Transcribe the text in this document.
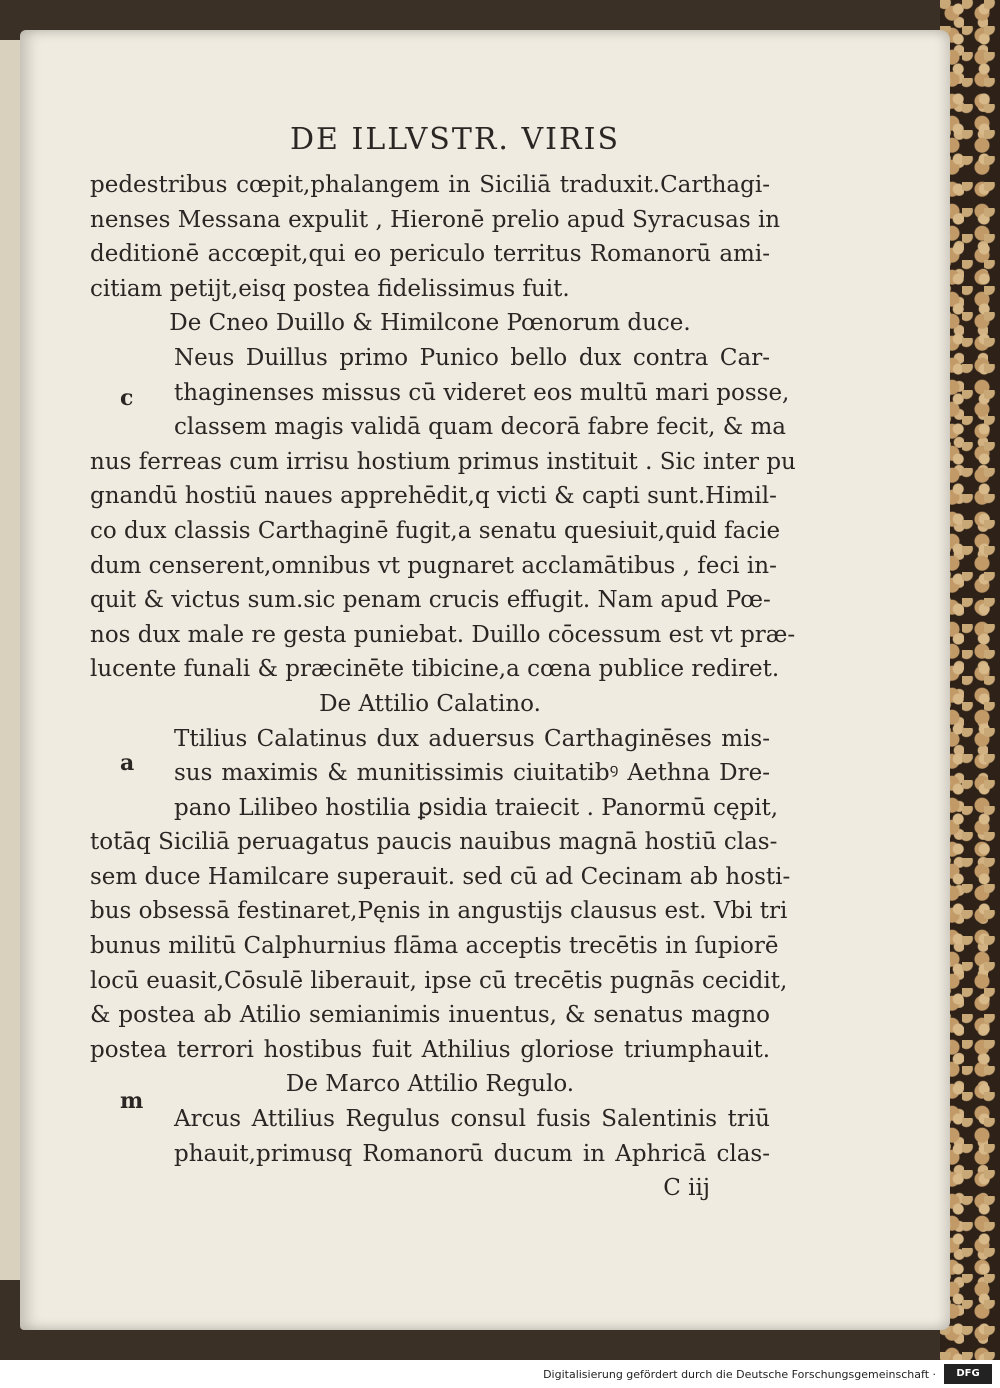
DE ILLVSTR. VIRIS
pedestribus cœpit,phalangem in Siciliā traduxit.Carthagi-
nenses Messana expulit , Hieronē prelio apud Syracusas in
deditionē accœpit,qui eo periculo territus Romanorū ami-
citiam petijt,eisq postea fidelissimus fuit.
De Cneo Duillo & Himilcone Pœnorum duce.
Neus Duillus primo Punico bello dux contra Car-
thaginenses missus cū videret eos multū mari posse,
classem magis validā quam decorā fabre fecit, & ma
nus ferreas cum irrisu hostium primus instituit . Sic inter pu
gnandū hostiū naues apprehēdit,q victi & capti sunt.Himil-
co dux classis Carthaginē fugit,a senatu quesiuit,quid facie
dum censerent,omnibus vt pugnaret acclamātibus , feci in-
quit & victus sum.sic penam crucis effugit. Nam apud Pœ-
nos dux male re gesta puniebat. Duillo cōcessum est vt præ-
lucente funali & præcinēte tibicine,a cœna publice rediret.
De Attilio Calatino.
Ttilius Calatinus dux aduersus Carthaginēses mis-
sus maximis & munitissimis ciuitatibꝰ Aethna Dre-
pano Lilibeo hostilia ꝑsidia traiecit . Panormū cępit,
totāq Siciliā peruagatus paucis nauibus magnā hostiū clas-
sem duce Hamilcare superauit. sed cū ad Cecinam ab hosti-
bus obsessā festinaret,Pęnis in angustijs clausus est. Vbi tri
bunus militū Calphurnius flāma acceptis trecētis in ſupiorē
locū euasit,Cōsulē liberauit, ipse cū trecētis pugnās cecidit,
& postea ab Atilio semianimis inuentus, & senatus magno
postea terrori hostibus fuit Athilius gloriose triumphauit.
De Marco Attilio Regulo.
Arcus Attilius Regulus consul fusis Salentinis triū
phauit,primusq Romanorū ducum in Aphricā clas-
C iij
c
a
m
Digitalisierung gefördert durch die Deutsche Forschungsgemeinschaft ·	DFG
